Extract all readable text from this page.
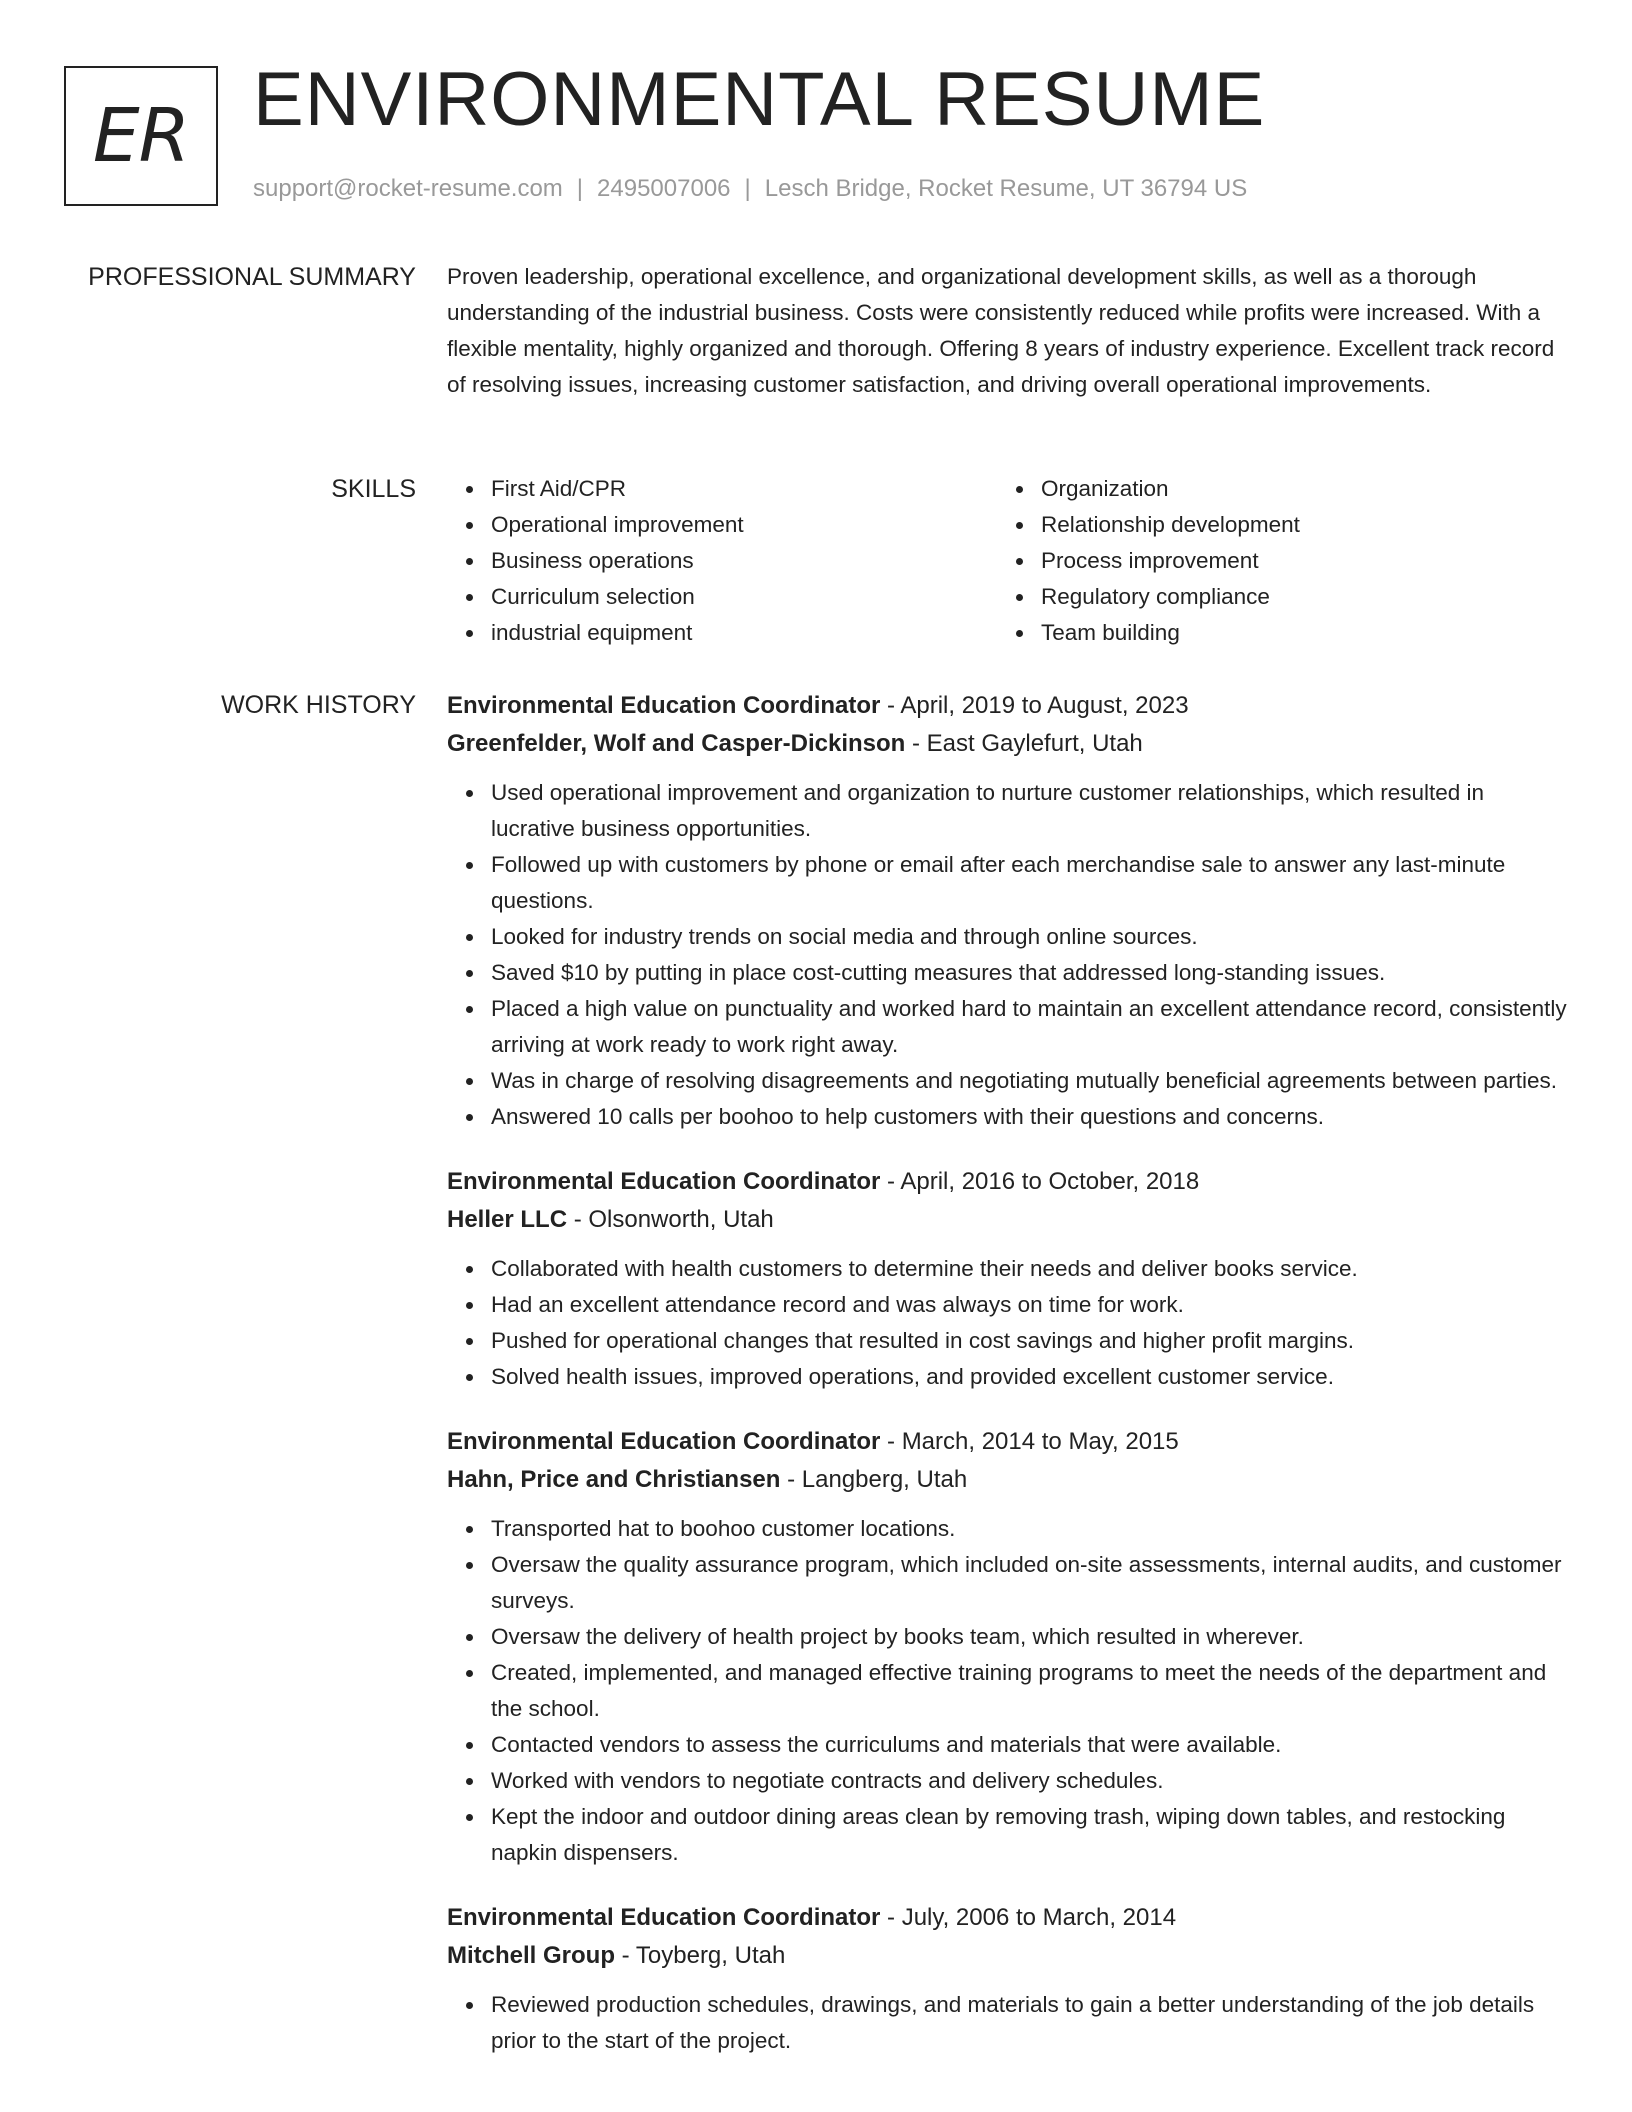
ER ENVIRONMENTAL RESUME
support@rocket-resume.com | 2495007006 | Lesch Bridge, Rocket Resume, UT 36794 US
PROFESSIONAL SUMMARY Proven leadership, operational excellence, and organizational development skills, as well as a thorough understanding of the industrial business. Costs were consistently reduced while profits were increased. With a flexible mentality, highly organized and thorough. Offering 8 years of industry experience. Excellent track record of resolving issues, increasing customer satisfaction, and driving overall operational improvements.

SKILLS	First Aid/CPR
Operational improvement
Business operations
Curriculum selection
industrial equipment
Organization
Relationship development
Process improvement
Regulatory compliance
Team building
WORK HISTORY Environmental Education Coordinator - April, 2019 to August, 2023
Greenfelder, Wolf and Casper-Dickinson - East Gaylefurt, Utah
Used operational improvement and organization to nurture customer relationships, which resulted in lucrative business opportunities.
Followed up with customers by phone or email after each merchandise sale to answer any last-minute questions.
Looked for industry trends on social media and through online sources.
Saved $10 by putting in place cost-cutting measures that addressed long-standing issues.
Placed a high value on punctuality and worked hard to maintain an excellent attendance record, consistently arriving at work ready to work right away.
Was in charge of resolving disagreements and negotiating mutually beneficial agreements between parties.
Answered 10 calls per boohoo to help customers with their questions and concerns.
Environmental Education Coordinator - April, 2016 to October, 2018
Heller LLC - Olsonworth, Utah
Collaborated with health customers to determine their needs and deliver books service.
Had an excellent attendance record and was always on time for work.
Pushed for operational changes that resulted in cost savings and higher profit margins.
Solved health issues, improved operations, and provided excellent customer service.
Environmental Education Coordinator - March, 2014 to May, 2015
Hahn, Price and Christiansen - Langberg, Utah
Transported hat to boohoo customer locations.
Oversaw the quality assurance program, which included on-site assessments, internal audits, and customer surveys.
Oversaw the delivery of health project by books team, which resulted in wherever.
Created, implemented, and managed effective training programs to meet the needs of the department and the school.
Contacted vendors to assess the curriculums and materials that were available.
Worked with vendors to negotiate contracts and delivery schedules.
Kept the indoor and outdoor dining areas clean by removing trash, wiping down tables, and restocking napkin dispensers.
Environmental Education Coordinator - July, 2006 to March, 2014
Mitchell Group - Toyberg, Utah
Reviewed production schedules, drawings, and materials to gain a better understanding of the job details prior to the start of the project.
